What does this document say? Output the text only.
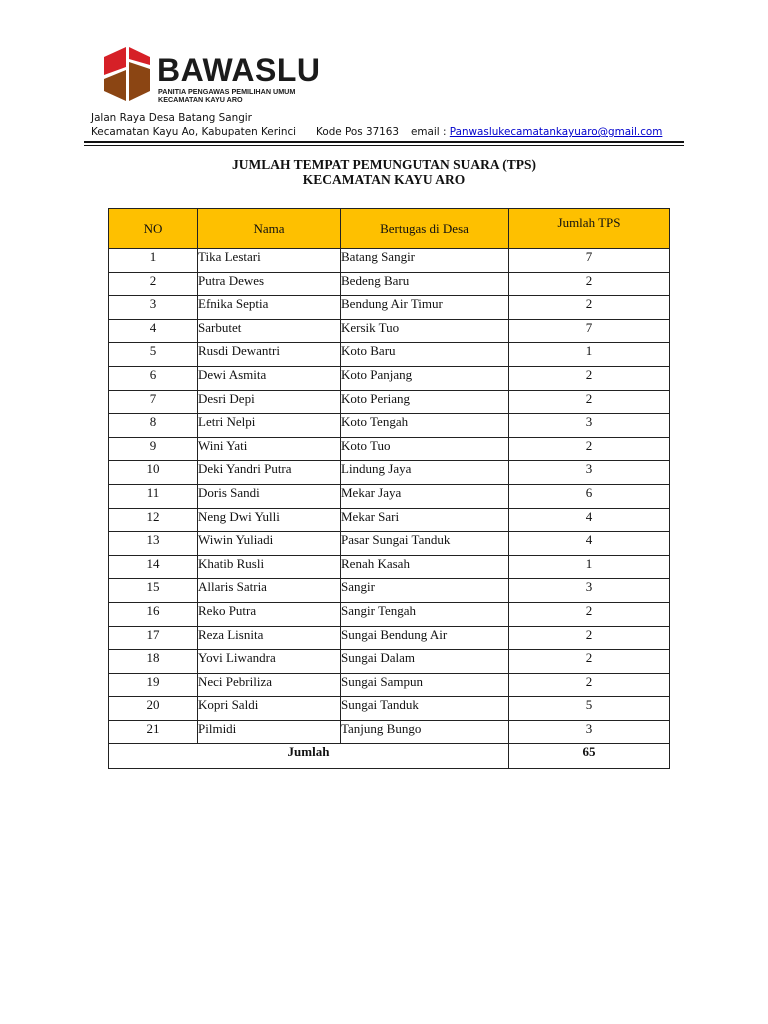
BAWASLU
PANITIA PENGAWAS PEMILIHAN UMUM
KECAMATAN KAYU ARO
Jalan Raya Desa Batang Sangir
Kecamatan Kayu Ao, Kabupaten Kerinci Kode Pos 37163 email : Panwaslukecamatankayuaro@gmail.com
JUMLAH TEMPAT PEMUNGUTAN SUARA (TPS)
KECAMATAN KAYU ARO
NO	Nama	Bertugas di Desa	Jumlah TPS
1	Tika Lestari	Batang Sangir	7
2	Putra Dewes	Bedeng Baru	2
3	Efnika Septia	Bendung Air Timur	2
4	Sarbutet	Kersik Tuo	7
5	Rusdi Dewantri	Koto Baru	1
6	Dewi Asmita	Koto Panjang	2
7	Desri Depi	Koto Periang	2
8	Letri Nelpi	Koto Tengah	3
9	Wini Yati	Koto Tuo	2
10	Deki Yandri Putra	Lindung Jaya	3
11	Doris Sandi	Mekar Jaya	6
12	Neng Dwi Yulli	Mekar Sari	4
13	Wiwin Yuliadi	Pasar Sungai Tanduk	4
14	Khatib Rusli	Renah Kasah	1
15	Allaris Satria	Sangir	3
16	Reko Putra	Sangir Tengah	2
17	Reza Lisnita	Sungai Bendung Air	2
18	Yovi Liwandra	Sungai Dalam	2
19	Neci Pebriliza	Sungai Sampun	2
20	Kopri Saldi	Sungai Tanduk	5
21	Pilmidi	Tanjung Bungo	3
Jumlah			65
